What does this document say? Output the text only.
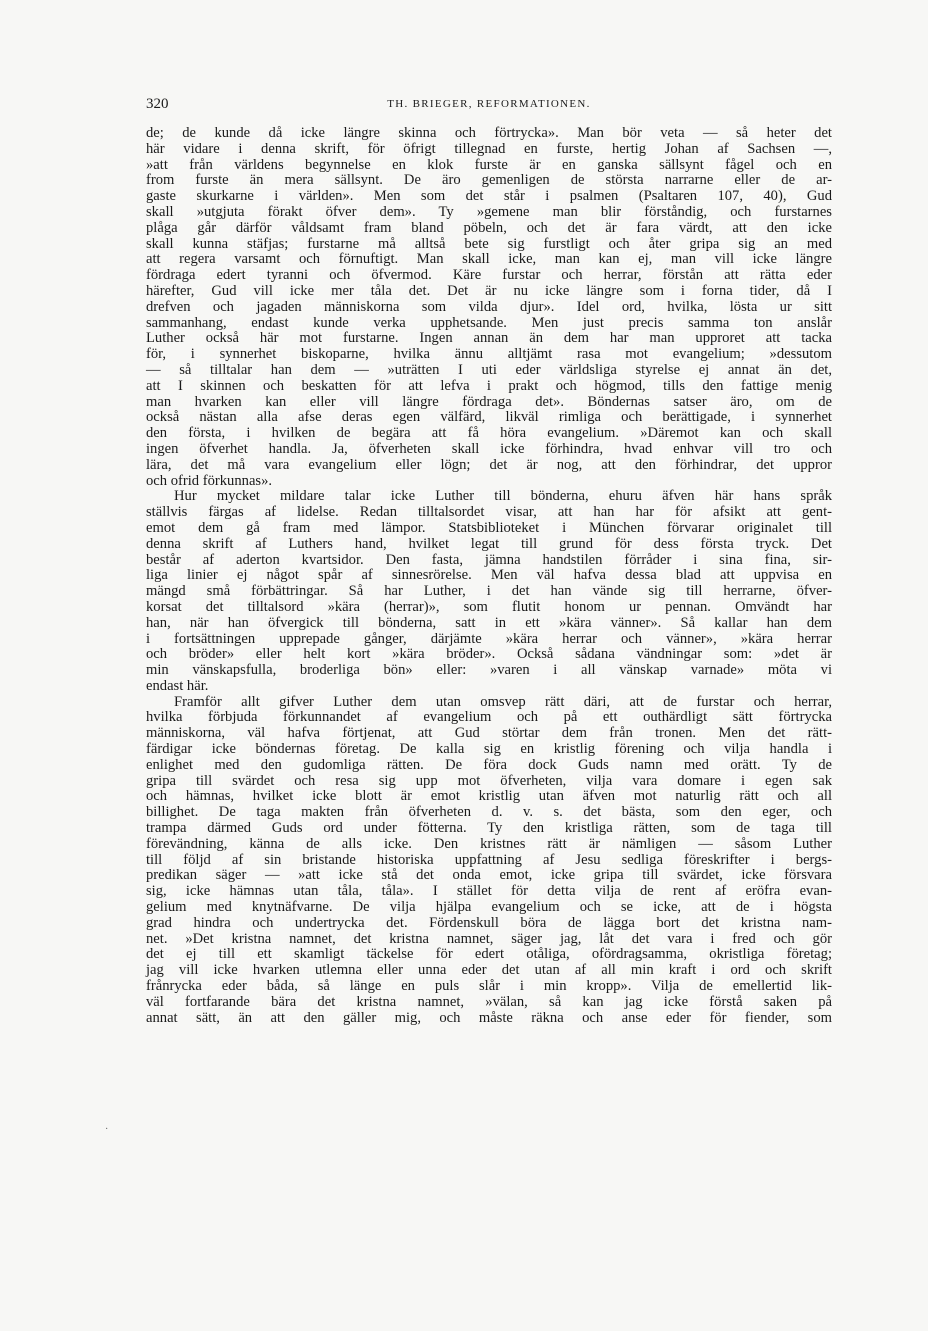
320	TH. BRIEGER, REFORMATIONEN.
de; de kunde då icke längre skinna och förtrycka». Man bör veta — så heter det
här vidare i denna skrift, för öfrigt tillegnad en furste, hertig Johan af Sachsen —,
»att från världens begynnelse en klok furste är en ganska sällsynt fågel och en
from furste än mera sällsynt. De äro gemenligen de största narrarne eller de ar-
gaste skurkarne i världen». Men som det står i psalmen (Psaltaren 107, 40), Gud
skall »utgjuta förakt öfver dem». Ty »gemene man blir förståndig, och furstarnes
plåga går därför våldsamt fram bland pöbeln, och det är fara värdt, att den icke
skall kunna stäfjas; furstarne må alltså bete sig furstligt och åter gripa sig an med
att regera varsamt och förnuftigt. Man skall icke, man kan ej, man vill icke längre
fördraga edert tyranni och öfvermod. Käre furstar och herrar, förstån att rätta eder
härefter, Gud vill icke mer tåla det. Det är nu icke längre som i forna tider, då I
drefven och jagaden människorna som vilda djur». Idel ord, hvilka, lösta ur sitt
sammanhang, endast kunde verka upphetsande. Men just precis samma ton anslår
Luther också här mot furstarne. Ingen annan än dem har man upproret att tacka
för, i synnerhet biskoparne, hvilka ännu alltjämt rasa mot evangelium; »dessutom
— så tilltalar han dem — »uträtten I uti eder världsliga styrelse ej annat än det,
att I skinnen och beskatten för att lefva i prakt och högmod, tills den fattige menig
man hvarken kan eller vill längre fördraga det». Böndernas satser äro, om de
också nästan alla afse deras egen välfärd, likväl rimliga och berättigade, i synnerhet
den första, i hvilken de begära att få höra evangelium. »Däremot kan och skall
ingen öfverhet handla. Ja, öfverheten skall icke förhindra, hvad enhvar vill tro och
lära, det må vara evangelium eller lögn; det är nog, att den förhindrar, det uppror
och ofrid förkunnas».
Hur mycket mildare talar icke Luther till bönderna, ehuru äfven här hans språk
ställvis färgas af lidelse. Redan tilltalsordet visar, att han har för afsikt att gent-
emot dem gå fram med lämpor. Statsbiblioteket i München förvarar originalet till
denna skrift af Luthers hand, hvilket legat till grund för dess första tryck. Det
består af aderton kvartsidor. Den fasta, jämna handstilen förråder i sina fina, sir-
liga linier ej något spår af sinnesrörelse. Men väl hafva dessa blad att uppvisa en
mängd små förbättringar. Så har Luther, i det han vände sig till herrarne, öfver-
korsat det tilltalsord »kära (herrar)», som flutit honom ur pennan. Omvändt har
han, när han öfvergick till bönderna, satt in ett »kära vänner». Så kallar han dem
i fortsättningen upprepade gånger, därjämte »kära herrar och vänner», »kära herrar
och bröder» eller helt kort »kära bröder». Också sådana vändningar som: »det är
min vänskapsfulla, broderliga bön» eller: »varen i all vänskap varnade» möta vi
endast här.
Framför allt gifver Luther dem utan omsvep rätt däri, att de furstar och herrar,
hvilka förbjuda förkunnandet af evangelium och på ett outhärdligt sätt förtrycka
människorna, väl hafva förtjenat, att Gud störtar dem från tronen. Men det rätt-
färdigar icke böndernas företag. De kalla sig en kristlig förening och vilja handla i
enlighet med den gudomliga rätten. De föra dock Guds namn med orätt. Ty de
gripa till svärdet och resa sig upp mot öfverheten, vilja vara domare i egen sak
och hämnas, hvilket icke blott är emot kristlig utan äfven mot naturlig rätt och all
billighet. De taga makten från öfverheten d. v. s. det bästa, som den eger, och
trampa därmed Guds ord under fötterna. Ty den kristliga rätten, som de taga till
förevändning, känna de alls icke. Den kristnes rätt är nämligen — såsom Luther
till följd af sin bristande historiska uppfattning af Jesu sedliga föreskrifter i bergs-
predikan säger — »att icke stå det onda emot, icke gripa till svärdet, icke försvara
sig, icke hämnas utan tåla, tåla». I stället för detta vilja de rent af eröfra evan-
gelium med knytnäfvarne. De vilja hjälpa evangelium och se icke, att de i högsta
grad hindra och undertrycka det. Fördenskull böra de lägga bort det kristna nam-
net. »Det kristna namnet, det kristna namnet, säger jag, låt det vara i fred och gör
det ej till ett skamligt täckelse för edert otåliga, ofördragsamma, okristliga företag;
jag vill icke hvarken utlemna eller unna eder det utan af all min kraft i ord och skrift
frånrycka eder båda, så länge en puls slår i min kropp». Vilja de emellertid lik-
väl fortfarande bära det kristna namnet, »välan, så kan jag icke förstå saken på
annat sätt, än att den gäller mig, och måste räkna och anse eder för fiender, som
·
